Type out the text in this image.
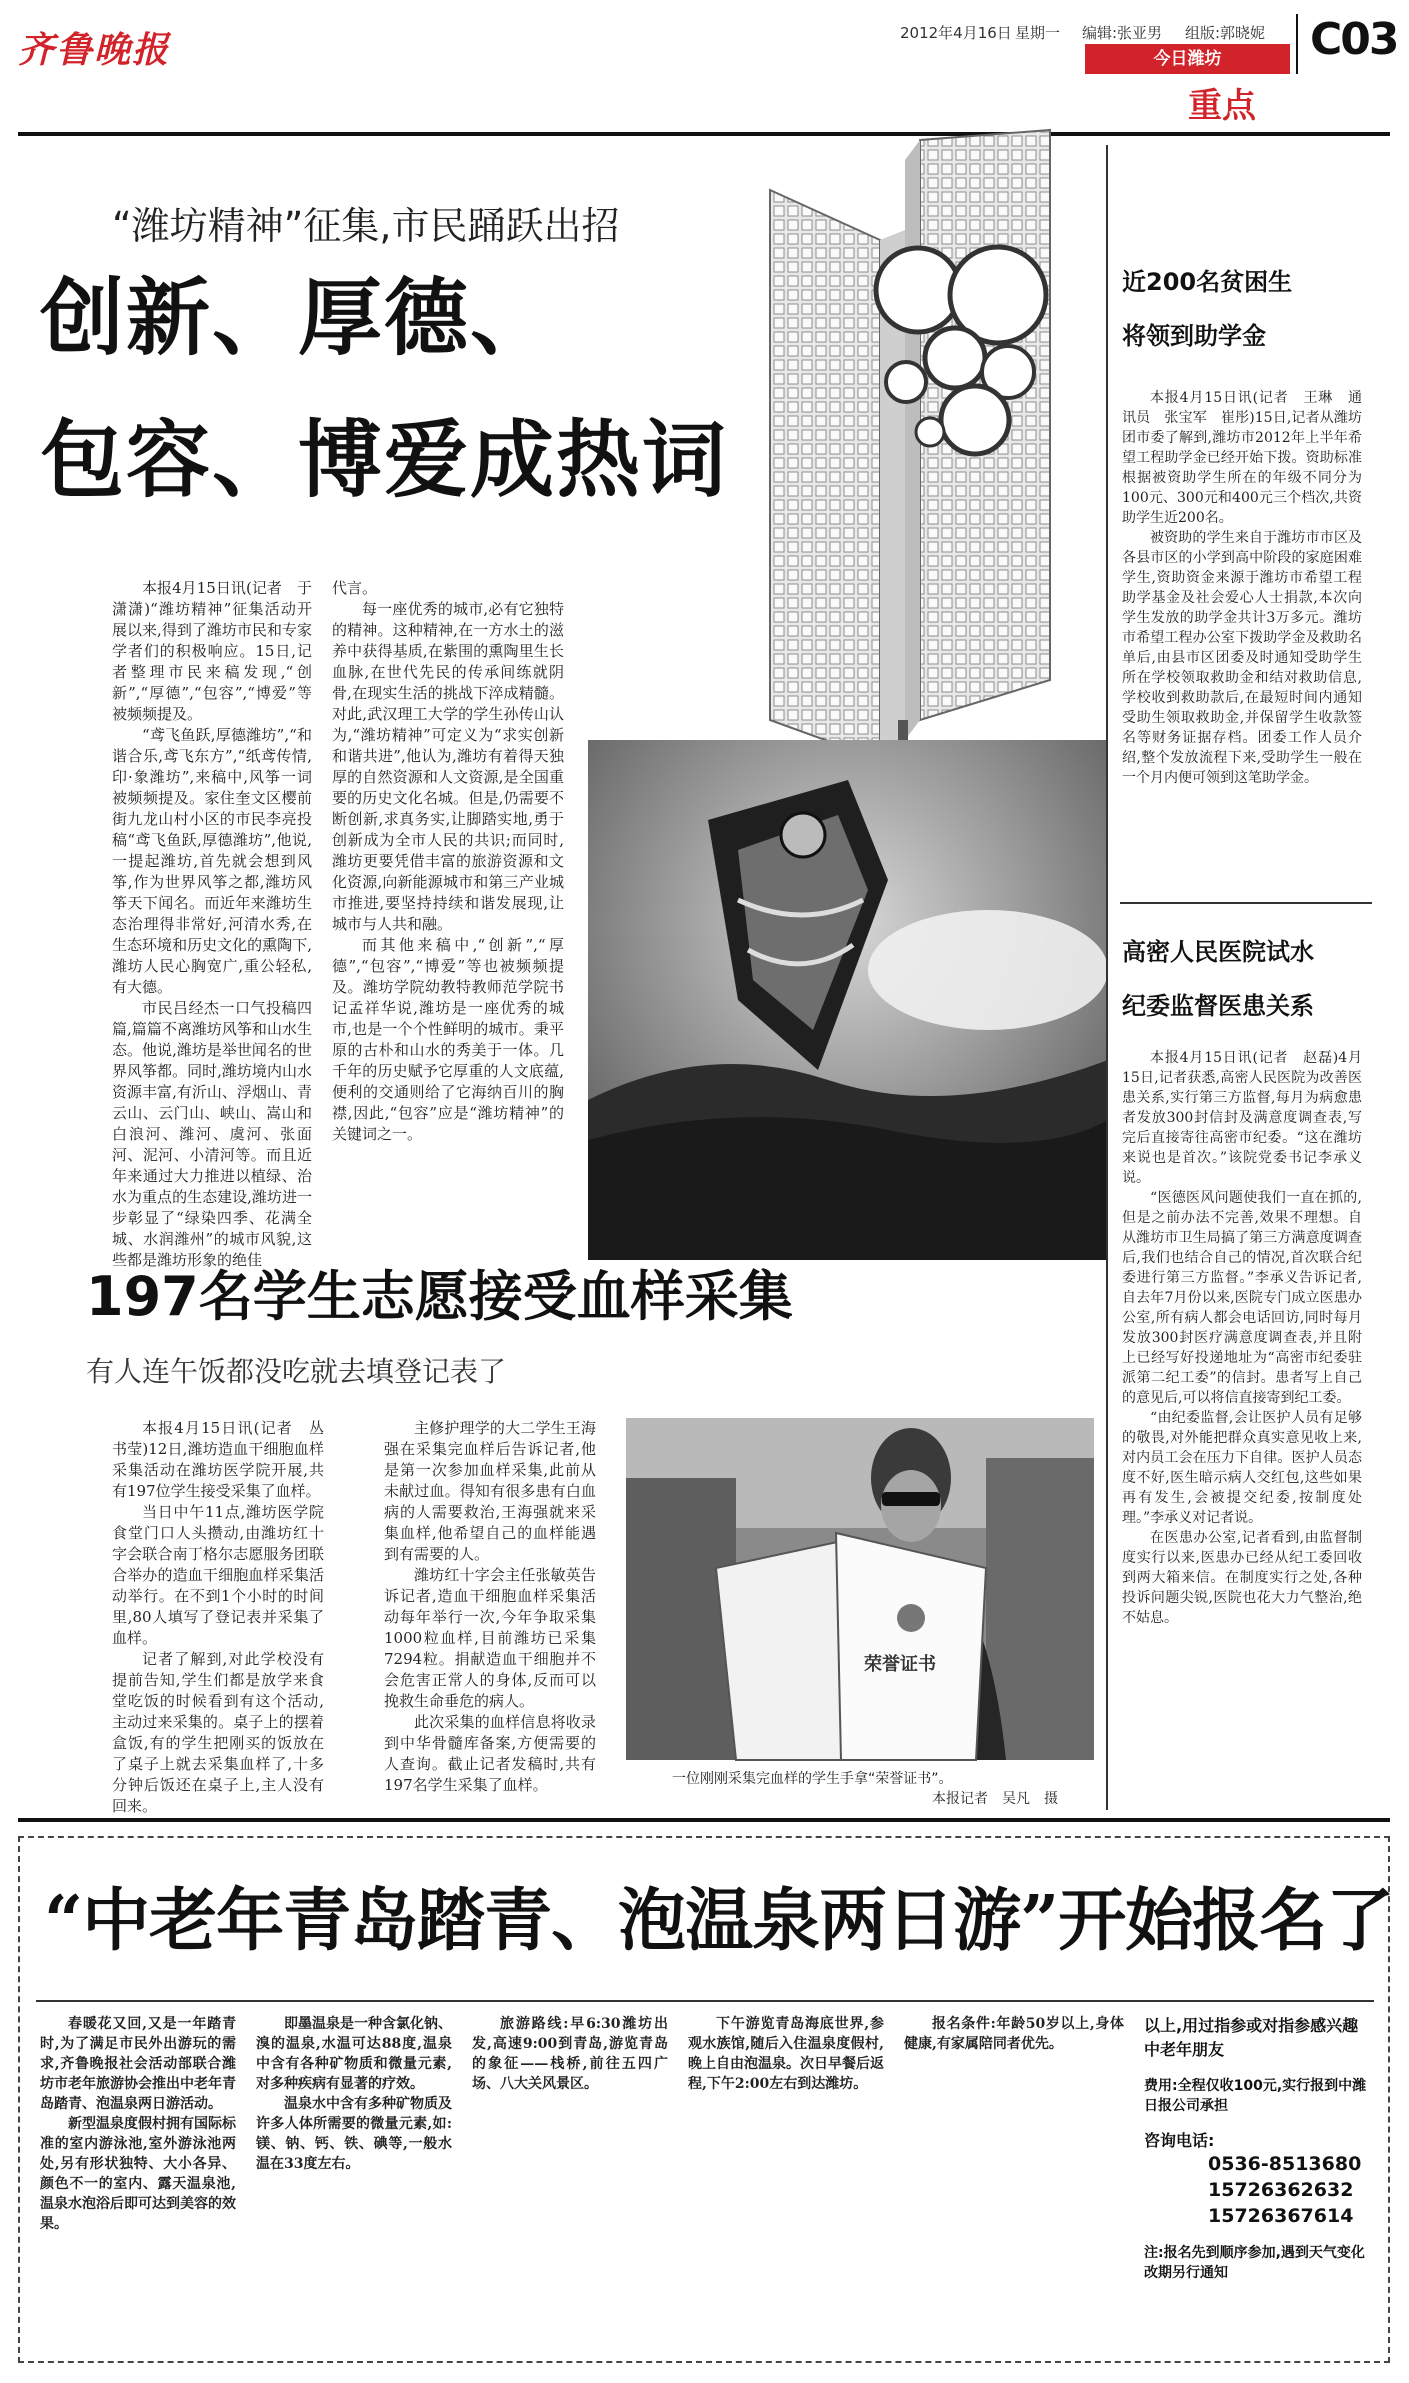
齐鲁晚报	2012年4月16日 星期一 编辑:张亚男 组版:郭晓妮 C03
今日潍坊
重点
“潍坊精神”征集,市民踊跃出招
创新、厚德、
包容、博爱成热词

本报4月15日讯(记者　于潇潇)“潍坊精神”征集活动开展以来,得到了潍坊市民和专家学者们的积极响应。15日,记者整理市民来稿发现,“创新”,“厚德”,“包容”,“博爱”等被频频提及。

“鸢飞鱼跃,厚德潍坊”,“和谐合乐,鸢飞东方”,“纸鸢传情,印·象潍坊”,来稿中,风筝一词被频频提及。家住奎文区樱前街九龙山村小区的市民李亮投稿“鸢飞鱼跃,厚德潍坊”,他说,一提起潍坊,首先就会想到风筝,作为世界风筝之都,潍坊风筝天下闻名。而近年来潍坊生态治理得非常好,河清水秀,在生态环境和历史文化的熏陶下,潍坊人民心胸宽广,重公轻私,有大德。

市民吕经杰一口气投稿四篇,篇篇不离潍坊风筝和山水生态。他说,潍坊是举世闻名的世界风筝都。同时,潍坊境内山水资源丰富,有沂山、浮烟山、青云山、云门山、峡山、嵩山和白浪河、潍河、虞河、张面河、泥河、小清河等。而且近年来通过大力推进以植绿、治水为重点的生态建设,潍坊进一步彰显了“绿染四季、花满全城、水润潍州”的城市风貌,这些都是潍坊形象的绝佳

代言。

每一座优秀的城市,必有它独特的精神。这种精神,在一方水土的滋养中获得基质,在紫围的熏陶里生长血脉,在世代先民的传承间练就阴骨,在现实生活的挑战下淬成精髓。对此,武汉理工大学的学生孙传山认为,“潍坊精神”可定义为“求实创新　和谐共进”,他认为,潍坊有着得天独厚的自然资源和人文资源,是全国重要的历史文化名城。但是,仍需要不断创新,求真务实,让脚踏实地,勇于创新成为全市人民的共识;而同时,潍坊更要凭借丰富的旅游资源和文化资源,向新能源城市和第三产业城市推进,要坚持持续和谐发展现,让城市与人共和融。

而其他来稿中,“创新”,“厚德”,“包容”,“博爱”等也被频频提及。潍坊学院幼教特教师范学院书记孟祥华说,潍坊是一座优秀的城市,也是一个个性鲜明的城市。秉平原的古朴和山水的秀美于一体。几千年的历史赋予它厚重的人文底蕴,便利的交通则给了它海纳百川的胸襟,因此,“包容”应是“潍坊精神”的关键词之一。

近200名贫困生
将领到助学金

本报4月15日讯(记者　王琳　通讯员　张宝军　崔彤)15日,记者从潍坊团市委了解到,潍坊市2012年上半年希望工程助学金已经开始下拨。资助标准根据被资助学生所在的年级不同分为100元、300元和400元三个档次,共资助学生近200名。

被资助的学生来自于潍坊市市区及各县市区的小学到高中阶段的家庭困难学生,资助资金来源于潍坊市希望工程助学基金及社会爱心人士捐款,本次向学生发放的助学金共计3万多元。潍坊市希望工程办公室下拨助学金及救助名单后,由县市区团委及时通知受助学生所在学校领取救助金和结对救助信息,学校收到救助款后,在最短时间内通知受助生领取救助金,并保留学生收款签名等财务证据存档。团委工作人员介绍,整个发放流程下来,受助学生一般在一个月内便可领到这笔助学金。

高密人民医院试水
纪委监督医患关系

本报4月15日讯(记者　赵磊)4月15日,记者获悉,高密人民医院为改善医患关系,实行第三方监督,每月为病愈患者发放300封信封及满意度调查表,写完后直接寄往高密市纪委。“这在潍坊来说也是首次。”该院党委书记李承义说。

“医德医风问题使我们一直在抓的,但是之前办法不完善,效果不理想。自从潍坊市卫生局搞了第三方满意度调查后,我们也结合自己的情况,首次联合纪委进行第三方监督。”李承义告诉记者,自去年7月份以来,医院专门成立医患办公室,所有病人都会电话回访,同时每月发放300封医疗满意度调查表,并且附上已经写好投递地址为“高密市纪委驻派第二纪工委”的信封。患者写上自己的意见后,可以将信直接寄到纪工委。

“由纪委监督,会让医护人员有足够的敬畏,对外能把群众真实意见收上来,对内员工会在压力下自律。医护人员态度不好,医生暗示病人交红包,这些如果再有发生,会被提交纪委,按制度处理。”李承义对记者说。

在医患办公室,记者看到,由监督制度实行以来,医患办已经从纪工委回收到两大箱来信。在制度实行之处,各种投诉问题尖锐,医院也花大力气整治,绝不姑息。

197名学生志愿接受血样采集
有人连午饭都没吃就去填登记表了

本报4月15日讯(记者　丛书莹)12日,潍坊造血干细胞血样采集活动在潍坊医学院开展,共有197位学生接受采集了血样。

当日中午11点,潍坊医学院食堂门口人头攒动,由潍坊红十字会联合南丁格尔志愿服务团联合举办的造血干细胞血样采集活动举行。在不到1个小时的时间里,80人填写了登记表并采集了血样。

记者了解到,对此学校没有提前告知,学生们都是放学来食堂吃饭的时候看到有这个活动,主动过来采集的。桌子上的摆着盒饭,有的学生把刚买的饭放在了桌子上就去采集血样了,十多分钟后饭还在桌子上,主人没有回来。

主修护理学的大二学生王海强在采集完血样后告诉记者,他是第一次参加血样采集,此前从未献过血。得知有很多患有白血病的人需要救治,王海强就来采集血样,他希望自己的血样能遇到有需要的人。

潍坊红十字会主任张敏英告诉记者,造血干细胞血样采集活动每年举行一次,今年争取采集1000粒血样,目前潍坊已采集7294粒。捐献造血干细胞并不会危害正常人的身体,反而可以挽救生命垂危的病人。

此次采集的血样信息将收录到中华骨髓库备案,方便需要的人查询。截止记者发稿时,共有197名学生采集了血样。

荣誉证书
一位刚刚采集完血样的学生手拿“荣誉证书”。
本报记者　吴凡　摄
“中老年青岛踏青、泡温泉两日游”开始报名了

春暖花又回,又是一年踏青时,为了满足市民外出游玩的需求,齐鲁晚报社会活动部联合潍坊市老年旅游协会推出中老年青岛踏青、泡温泉两日游活动。

新型温泉度假村拥有国际标准的室内游泳池,室外游泳池两处,另有形状独特、大小各异、颜色不一的室内、露天温泉池,温泉水泡浴后即可达到美容的效果。

即墨温泉是一种含氯化钠、溴的温泉,水温可达88度,温泉中含有各种矿物质和微量元素,对多种疾病有显著的疗效。

温泉水中含有多种矿物质及许多人体所需要的微量元素,如:镁、钠、钙、铁、碘等,一般水温在33度左右。

旅游路线:早6:30潍坊出发,高速9:00到青岛,游览青岛的象征——栈桥,前往五四广场、八大关风景区。

下午游览青岛海底世界,参观水族馆,随后入住温泉度假村,晚上自由泡温泉。次日早餐后返程,下午2:00左右到达潍坊。

报名条件:年龄50岁以上,身体健康,有家属陪同者优先。

以上,用过指参或对指参感兴趣中老年朋友
费用:全程仅收100元,实行报到中潍日报公司承担
咨询电话:
0536-8513680
15726362632
15726367614
注:报名先到顺序参加,遇到天气变化改期另行通知
